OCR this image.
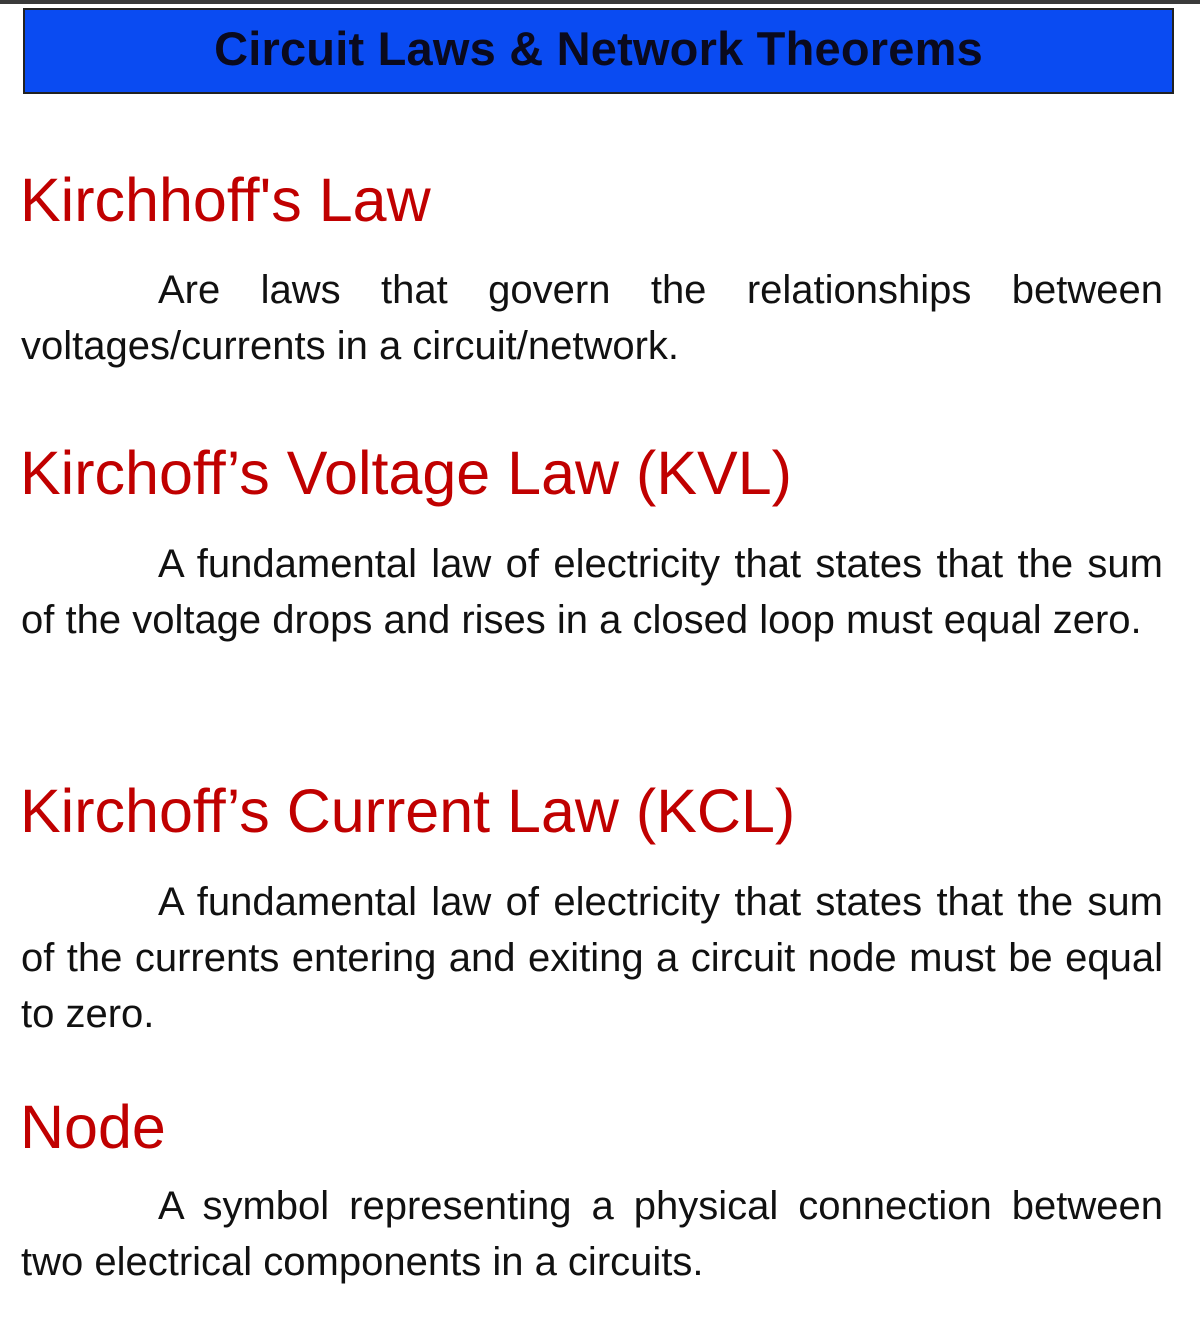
Circuit Laws & Network Theorems
Kirchhoff's Law

Are laws that govern the relationships between voltages/currents in a circuit/network.

Kirchoff’s Voltage Law (KVL)

A fundamental law of electricity that states that the sum of the voltage drops and rises in a closed loop must equal zero.

Kirchoff’s Current Law (KCL)

A fundamental law of electricity that states that the sum of the currents entering and exiting a circuit node must be equal to zero.

Node

A symbol representing a physical connection between two electrical components in a circuits.
